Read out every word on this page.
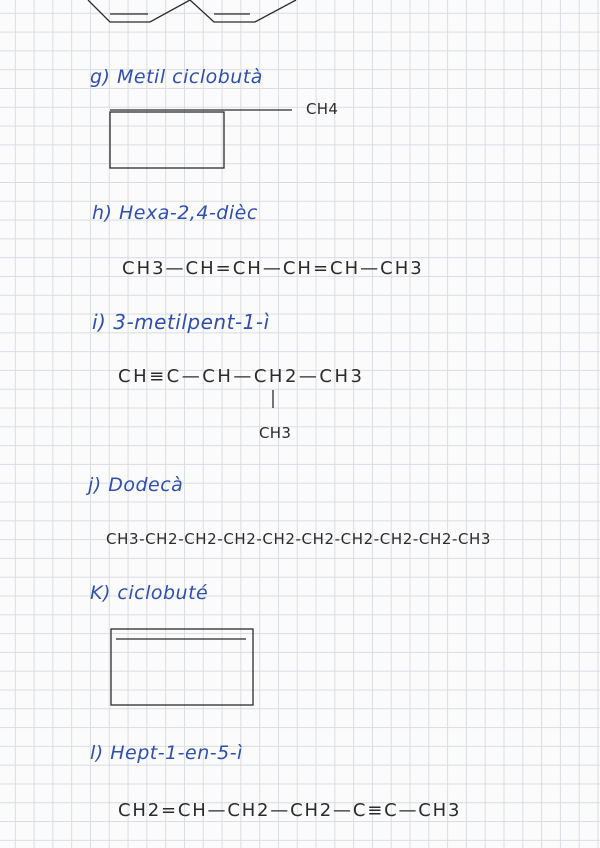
g) Metil ciclobutà
CH4
h) Hexa-2,4-dièc
CH3—CH=CH—CH=CH—CH3
i) 3-metilpent-1-ì
CH≡C—CH—CH2—CH3
CH3
j) Dodecà
CH3-CH2-CH2-CH2-CH2-CH2-CH2-CH2-CH2-CH3
K) ciclobuté
l) Hept-1-en-5-ì
CH2=CH—CH2—CH2—C≡C—CH3
